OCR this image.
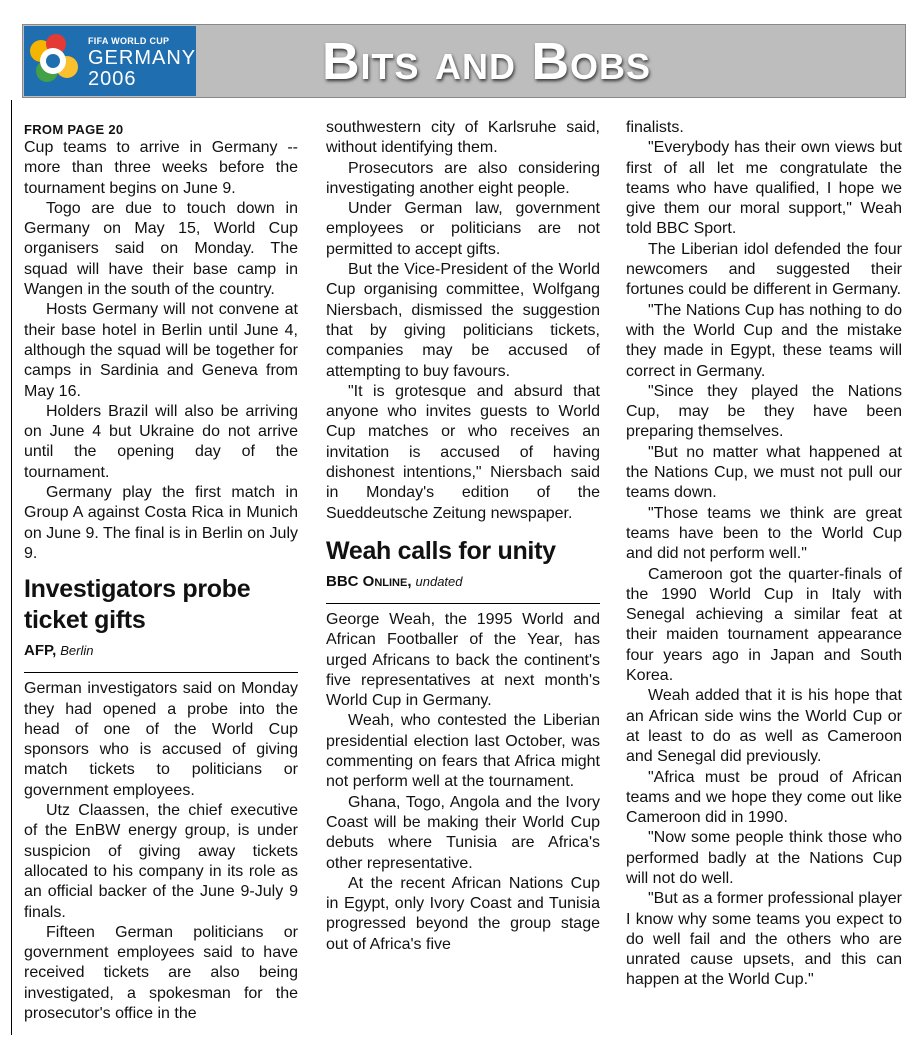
FIFA WORLD CUP
GERMANY
2006	Bits and Bobs
FROM PAGE 20

Cup teams to arrive in Germany -- more than three weeks before the tournament begins on June 9.

Togo are due to touch down in Germany on May 15, World Cup organisers said on Monday. The squad will have their base camp in Wangen in the south of the country.

Hosts Germany will not convene at their base hotel in Berlin until June 4, although the squad will be together for camps in Sardinia and Geneva from May 16.

Holders Brazil will also be arriving on June 4 but Ukraine do not arrive until the opening day of the tournament.

Germany play the first match in Group A against Costa Rica in Munich on June 9. The final is in Berlin on July 9.

Investigators probe ticket gifts
AFP, Berlin

German investigators said on Monday they had opened a probe into the head of one of the World Cup sponsors who is accused of giving match tickets to politicians or government employees.

Utz Claassen, the chief executive of the EnBW energy group, is under suspicion of giving away tickets allocated to his company in its role as an official backer of the June 9-July 9 finals.

Fifteen German politicians or government employees said to have received tickets are also being investigated, a spokesman for the prosecutor's office in the

southwestern city of Karlsruhe said, without identifying them.

Prosecutors are also considering investigating another eight people.

Under German law, government employees or politicians are not permitted to accept gifts.

But the Vice-President of the World Cup organising committee, Wolfgang Niersbach, dismissed the suggestion that by giving politicians tickets, companies may be accused of attempting to buy favours.

"It is grotesque and absurd that anyone who invites guests to World Cup matches or who receives an invitation is accused of having dishonest intentions," Niersbach said in Monday's edition of the Sueddeutsche Zeitung newspaper.

Weah calls for unity
BBC Online, undated

George Weah, the 1995 World and African Footballer of the Year, has urged Africans to back the continent's five representatives at next month's World Cup in Germany.

Weah, who contested the Liberian presidential election last October, was commenting on fears that Africa might not perform well at the tournament.

Ghana, Togo, Angola and the Ivory Coast will be making their World Cup debuts where Tunisia are Africa's other representative.

At the recent African Nations Cup in Egypt, only Ivory Coast and Tunisia progressed beyond the group stage out of Africa's five

finalists.

"Everybody has their own views but first of all let me congratulate the teams who have qualified, I hope we give them our moral support," Weah told BBC Sport.

The Liberian idol defended the four newcomers and suggested their fortunes could be different in Germany.

"The Nations Cup has nothing to do with the World Cup and the mistake they made in Egypt, these teams will correct in Germany.

"Since they played the Nations Cup, may be they have been preparing themselves.

"But no matter what happened at the Nations Cup, we must not pull our teams down.

"Those teams we think are great teams have been to the World Cup and did not perform well."

Cameroon got the quarter-finals of the 1990 World Cup in Italy with Senegal achieving a similar feat at their maiden tournament appearance four years ago in Japan and South Korea.

Weah added that it is his hope that an African side wins the World Cup or at least to do as well as Cameroon and Senegal did previously.

"Africa must be proud of African teams and we hope they come out like Cameroon did in 1990.

"Now some people think those who performed badly at the Nations Cup will not do well.

"But as a former professional player I know why some teams you expect to do well fail and the others who are unrated cause upsets, and this can happen at the World Cup."
